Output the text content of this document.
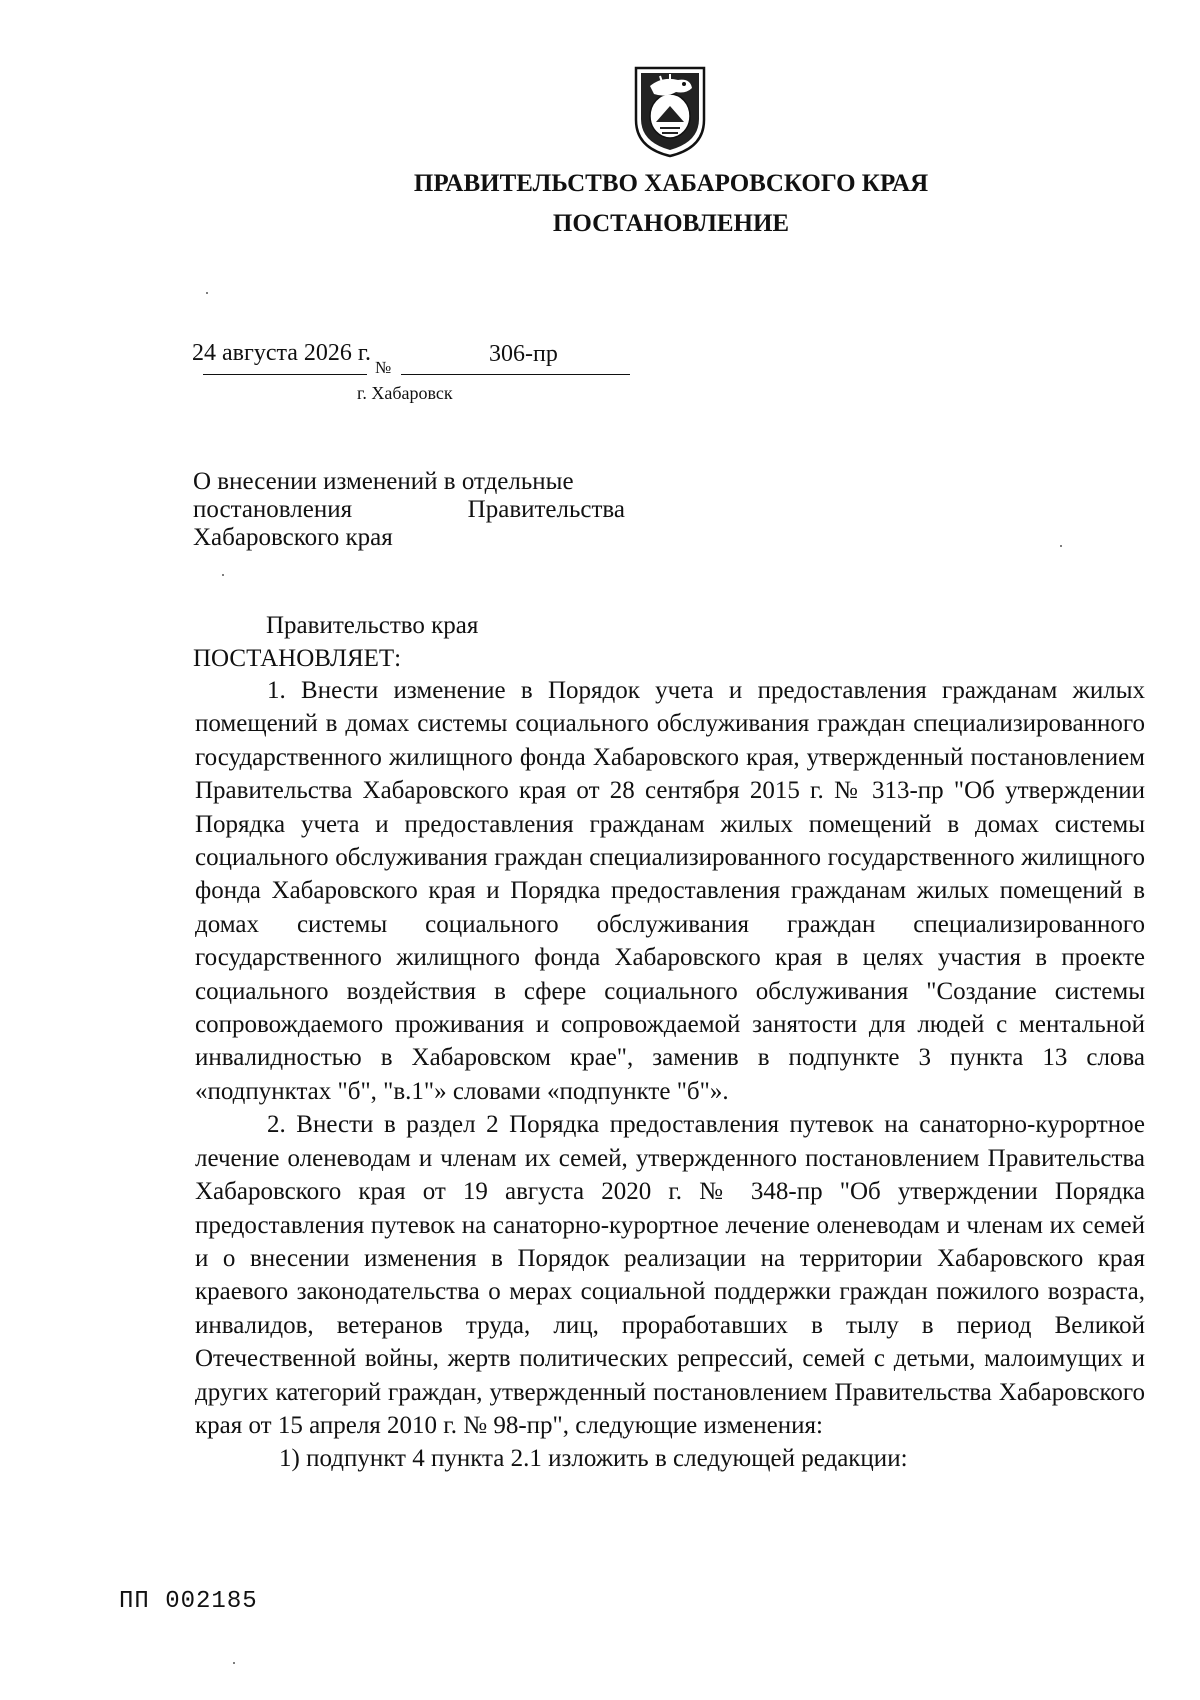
ПРАВИТЕЛЬСТВО ХАБАРОВСКОГО КРАЯ
ПОСТАНОВЛЕНИЕ
24 августа 2026 г.
№
306-пр
г. Хабаровск
О внесении изменений в отдельные
постановления	Правительства
Хабаровского края
Правительство края
ПОСТАНОВЛЯЕТ:

1. Внести изменение в Порядок учета и предоставления гражданам жилых помещений в домах системы социального обслуживания граждан специализированного государственного жилищного фонда Хабаровского края, утвержденный постановлением Правительства Хабаровского края от 28 сентября 2015 г. № 313-пр "Об утверждении Порядка учета и предоставления гражданам жилых помещений в домах системы социального обслуживания граждан специализированного государственного жилищного фонда Хабаровского края и Порядка предоставления гражданам жилых помещений в домах системы социального обслуживания граждан специализированного государственного жилищного фонда Хабаровского края в целях участия в проекте социального воздействия в сфере социального обслуживания "Создание системы сопровождаемого проживания и сопровождаемой занятости для людей с ментальной инвалидностью в Хабаровском крае", заменив в подпункте 3 пункта 13 слова «подпунктах "б", "в.1"» словами «подпункте "б"».

2. Внести в раздел 2 Порядка предоставления путевок на санаторно-курортное лечение оленеводам и членам их семей, утвержденного постановлением Правительства Хабаровского края от 19 августа 2020 г. № 348-пр "Об утверждении Порядка предоставления путевок на санаторно-курортное лечение оленеводам и членам их семей и о внесении изменения в Порядок реализации на территории Хабаровского края краевого законодательства о мерах социальной поддержки граждан пожилого возраста, инвалидов, ветеранов труда, лиц, проработавших в тылу в период Великой Отечественной войны, жертв политических репрессий, семей с детьми, малоимущих и других категорий граждан, утвержденный постановлением Правительства Хабаровского края от 15 апреля 2010 г. № 98-пр", следующие изменения:

1) подпункт 4 пункта 2.1 изложить в следующей редакции:

ПП 002185
